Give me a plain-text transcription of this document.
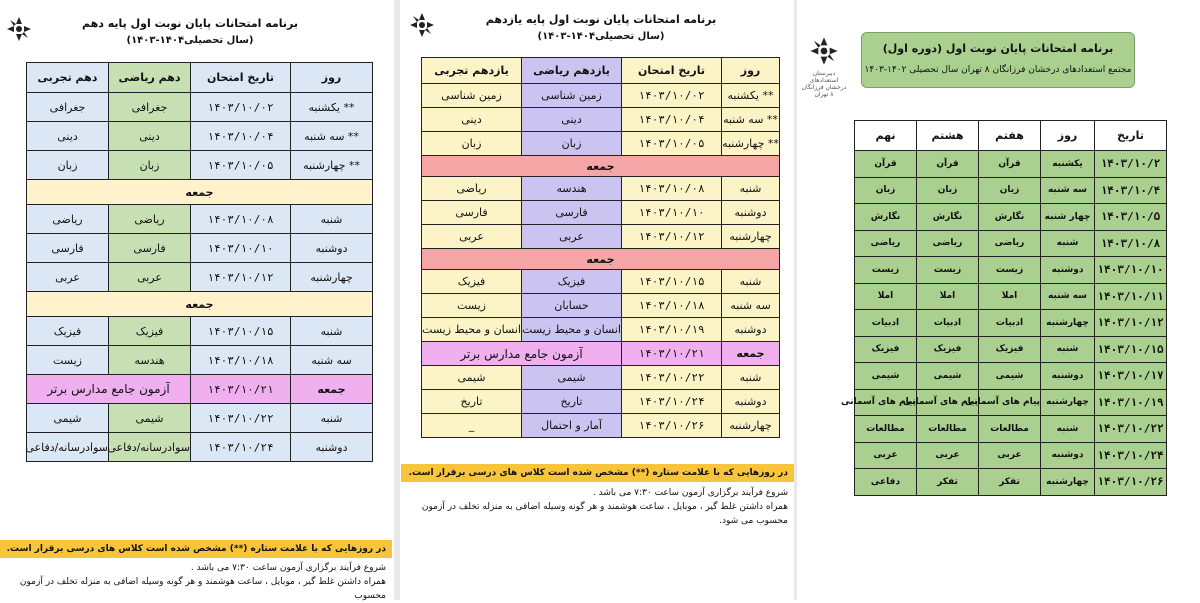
برنامه امتحانات پایان نوبت اول پایه دهم
(سال تحصیلی۱۴۰۴-۱۴۰۳)
روز	تاریخ امتحان	دهم ریاضی	دهم تجربی
** یکشنبه	۱۴۰۳/۱۰/۰۲	جغرافی	جغرافی
** سه شنبه	۱۴۰۳/۱۰/۰۴	دینی	دینی
** چهارشنبه	۱۴۰۳/۱۰/۰۵	زبان	زبان
جمعه			
شنبه	۱۴۰۳/۱۰/۰۸	ریاضی	ریاضی
دوشنبه	۱۴۰۳/۱۰/۱۰	فارسی	فارسی
چهارشنبه	۱۴۰۳/۱۰/۱۲	عربی	عربی
جمعه			
شنبه	۱۴۰۳/۱۰/۱۵	فیزیک	فیزیک
سه شنبه	۱۴۰۳/۱۰/۱۸	هندسه	زیست
جمعه	۱۴۰۳/۱۰/۲۱	آزمون جامع مدارس برتر	
شنبه	۱۴۰۳/۱۰/۲۲	شیمی	شیمی
دوشنبه	۱۴۰۳/۱۰/۲۴	سوادرسانه/دفاعی	سوادرسانه/دفاعی
در روزهایی که با علامت ستاره (**) مشخص شده است کلاس های درسی برقرار است.
شروع فرآیند برگزاری آزمون ساعت ۷:۳۰ می باشد .
همراه داشتن غلط گیر ، موبایل ، ساعت هوشمند و هر گونه وسیله اضافی به منزله تخلف در آزمون محسوب
برنامه امتحانات پایان نوبت اول پایه یازدهم
(سال تحصیلی۱۴۰۴-۱۴۰۳)
روز	تاریخ امتحان	یازدهم ریاضی	یازدهم تجربی
** یکشنبه	۱۴۰۳/۱۰/۰۲	زمین شناسی	زمین شناسی
** سه شنبه	۱۴۰۳/۱۰/۰۴	دینی	دینی
** چهارشنبه	۱۴۰۳/۱۰/۰۵	زبان	زبان
جمعه			
شنبه	۱۴۰۳/۱۰/۰۸	هندسه	ریاضی
دوشنبه	۱۴۰۳/۱۰/۱۰	فارسی	فارسی
چهارشنبه	۱۴۰۳/۱۰/۱۲	عربی	عربی
جمعه			
شنبه	۱۴۰۳/۱۰/۱۵	فیزیک	فیزیک
سه شنبه	۱۴۰۳/۱۰/۱۸	حسابان	زیست
دوشنبه	۱۴۰۳/۱۰/۱۹	انسان و محیط زیست	انسان و محیط زیست
جمعه	۱۴۰۳/۱۰/۲۱	آزمون جامع مدارس برتر	
شنبه	۱۴۰۳/۱۰/۲۲	شیمی	شیمی
دوشنبه	۱۴۰۳/۱۰/۲۴	تاریخ	تاریخ
چهارشنبه	۱۴۰۳/۱۰/۲۶	آمار و احتمال	_
در روزهایی که با علامت ستاره (**) مشخص شده است کلاس های درسی برقرار است.
شروع فرآیند برگزاری آزمون ساعت ۷:۳۰ می باشد .
همراه داشتن غلط گیر ، موبایل ، ساعت هوشمند و هر گونه وسیله اضافی به منزله تخلف در آزمون محسوب می شود.
دبیرستان استعدادهای درخشان فرزانگان ۸ تهران
برنامه امتحانات پایان نوبت اول (دوره اول)
مجتمع استعدادهای درخشان فرزانگان ۸ تهران سال تحصیلی ۱۴۰۲-۱۴۰۳
تاریخ	روز	هفتم	هشتم	نهم
۱۴۰۳/۱۰/۲	یکشنبه	قرآن	قرآن	قرآن
۱۴۰۳/۱۰/۴	سه شنبه	زبان	زبان	زبان
۱۴۰۳/۱۰/۵	چهار شنبه	نگارش	نگارش	نگارش
۱۴۰۳/۱۰/۸	شنبه	ریاضی	ریاضی	ریاضی
۱۴۰۳/۱۰/۱۰	دوشنبه	زیست	زیست	زیست
۱۴۰۳/۱۰/۱۱	سه شنبه	املا	املا	املا
۱۴۰۳/۱۰/۱۲	چهارشنبه	ادبیات	ادبیات	ادبیات
۱۴۰۳/۱۰/۱۵	شنبه	فیزیک	فیزیک	فیزیک
۱۴۰۳/۱۰/۱۷	دوشنبه	شیمی	شیمی	شیمی
۱۴۰۳/۱۰/۱۹	چهارشنبه	پیام های آسمانی	پیام های آسمانی	پیام های آسمانی
۱۴۰۳/۱۰/۲۲	شنبه	مطالعات	مطالعات	مطالعات
۱۴۰۳/۱۰/۲۴	دوشنبه	عربی	عربی	عربی
۱۴۰۳/۱۰/۲۶	چهارشنبه	تفکر	تفکر	دفاعی
